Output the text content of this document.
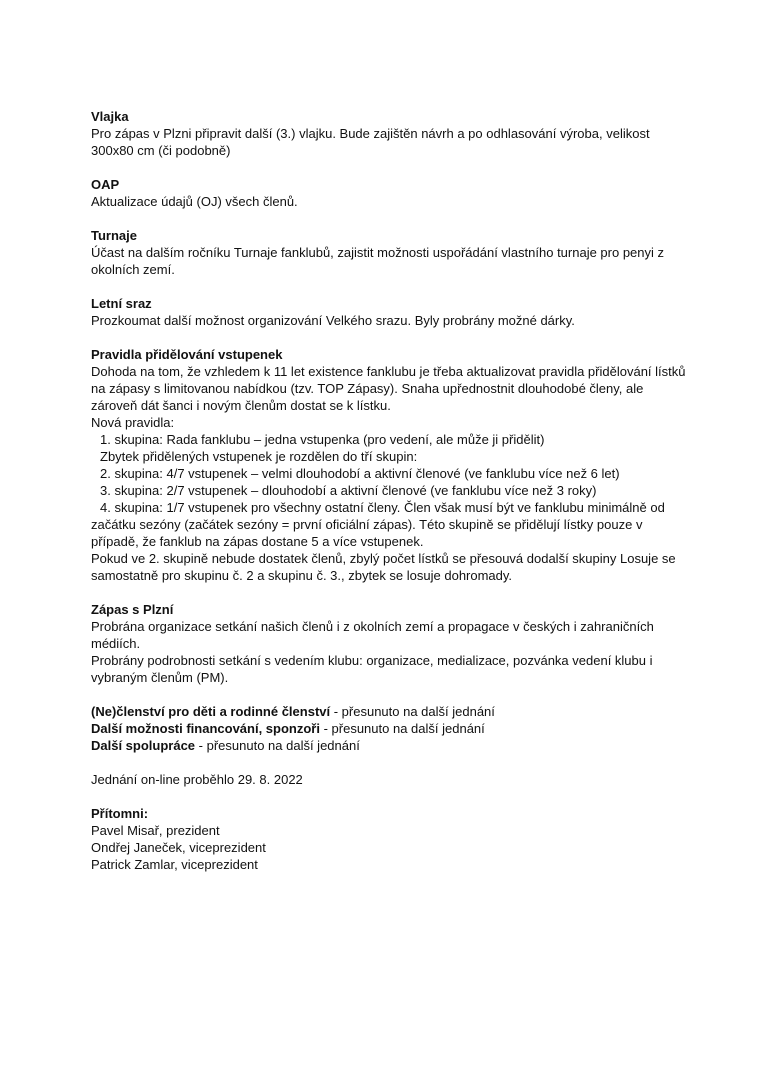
Vlajka
Pro zápas v Plzni připravit další (3.) vlajku. Bude zajištěn návrh a po odhlasování výroba, velikost 300x80 cm (či podobně)
OAP
Aktualizace údajů (OJ) všech členů.
Turnaje
Účast na dalším ročníku Turnaje fanklubů, zajistit možnosti uspořádání vlastního turnaje pro penyi z okolních zemí.
Letní sraz
Prozkoumat další možnost organizování Velkého srazu. Byly probrány možné dárky.
Pravidla přidělování vstupenek
Dohoda na tom, že vzhledem k 11 let existence fanklubu je třeba aktualizovat pravidla přidělování lístků na zápasy s limitovanou nabídkou (tzv. TOP Zápasy). Snaha upřednostnit dlouhodobé členy, ale zároveň dát šanci i novým členům dostat se k lístku.
Nová pravidla:
1. skupina: Rada fanklubu – jedna vstupenka (pro vedení, ale může ji přidělit)
Zbytek přidělených vstupenek je rozdělen do tří skupin:
2. skupina: 4/7 vstupenek – velmi dlouhodobí a aktivní členové (ve fanklubu více než 6 let)
3. skupina: 2/7 vstupenek – dlouhodobí a aktivní členové (ve fanklubu více než 3 roky)
4. skupina: 1/7 vstupenek pro všechny ostatní členy. Člen však musí být ve fanklubu minimálně od začátku sezóny (začátek sezóny = první oficiální zápas). Této skupině se přidělují lístky pouze v případě, že fanklub na zápas dostane 5 a více vstupenek.
Pokud ve 2. skupině nebude dostatek členů, zbylý počet lístků se přesouvá dodalší skupiny Losuje se samostatně pro skupinu č. 2 a skupinu č. 3., zbytek se losuje dohromady.
Zápas s Plzní
Probrána organizace setkání našich členů i z okolních zemí a propagace v českých i zahraničních médiích.
Probrány podrobnosti setkání s vedením klubu: organizace, medializace, pozvánka vedení klubu i vybraným členům (PM).
(Ne)členství pro děti a rodinné členství - přesunuto na další jednání
Další možnosti financování, sponzoři - přesunuto na další jednání
Další spolupráce - přesunuto na další jednání
Jednání on-line proběhlo 29. 8. 2022
Přítomni:
Pavel Misař, prezident
Ondřej Janeček, viceprezident
Patrick Zamlar, viceprezident
